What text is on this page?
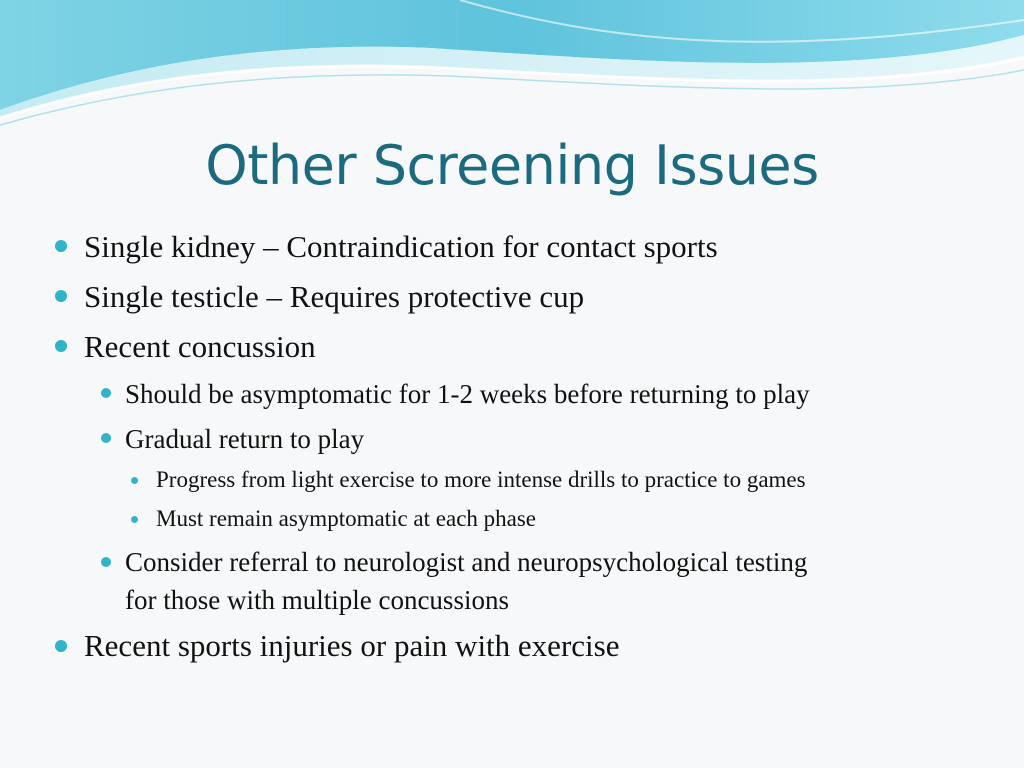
Other Screening Issues
Single kidney – Contraindication for contact sports
Single testicle – Requires protective cup
Recent concussion
Should be asymptomatic for 1-2 weeks before returning to play
Gradual return to play
Progress from light exercise to more intense drills to practice to games
Must remain asymptomatic at each phase
Consider referral to neurologist and neuropsychological testing
for those with multiple concussions
Recent sports injuries or pain with exercise
